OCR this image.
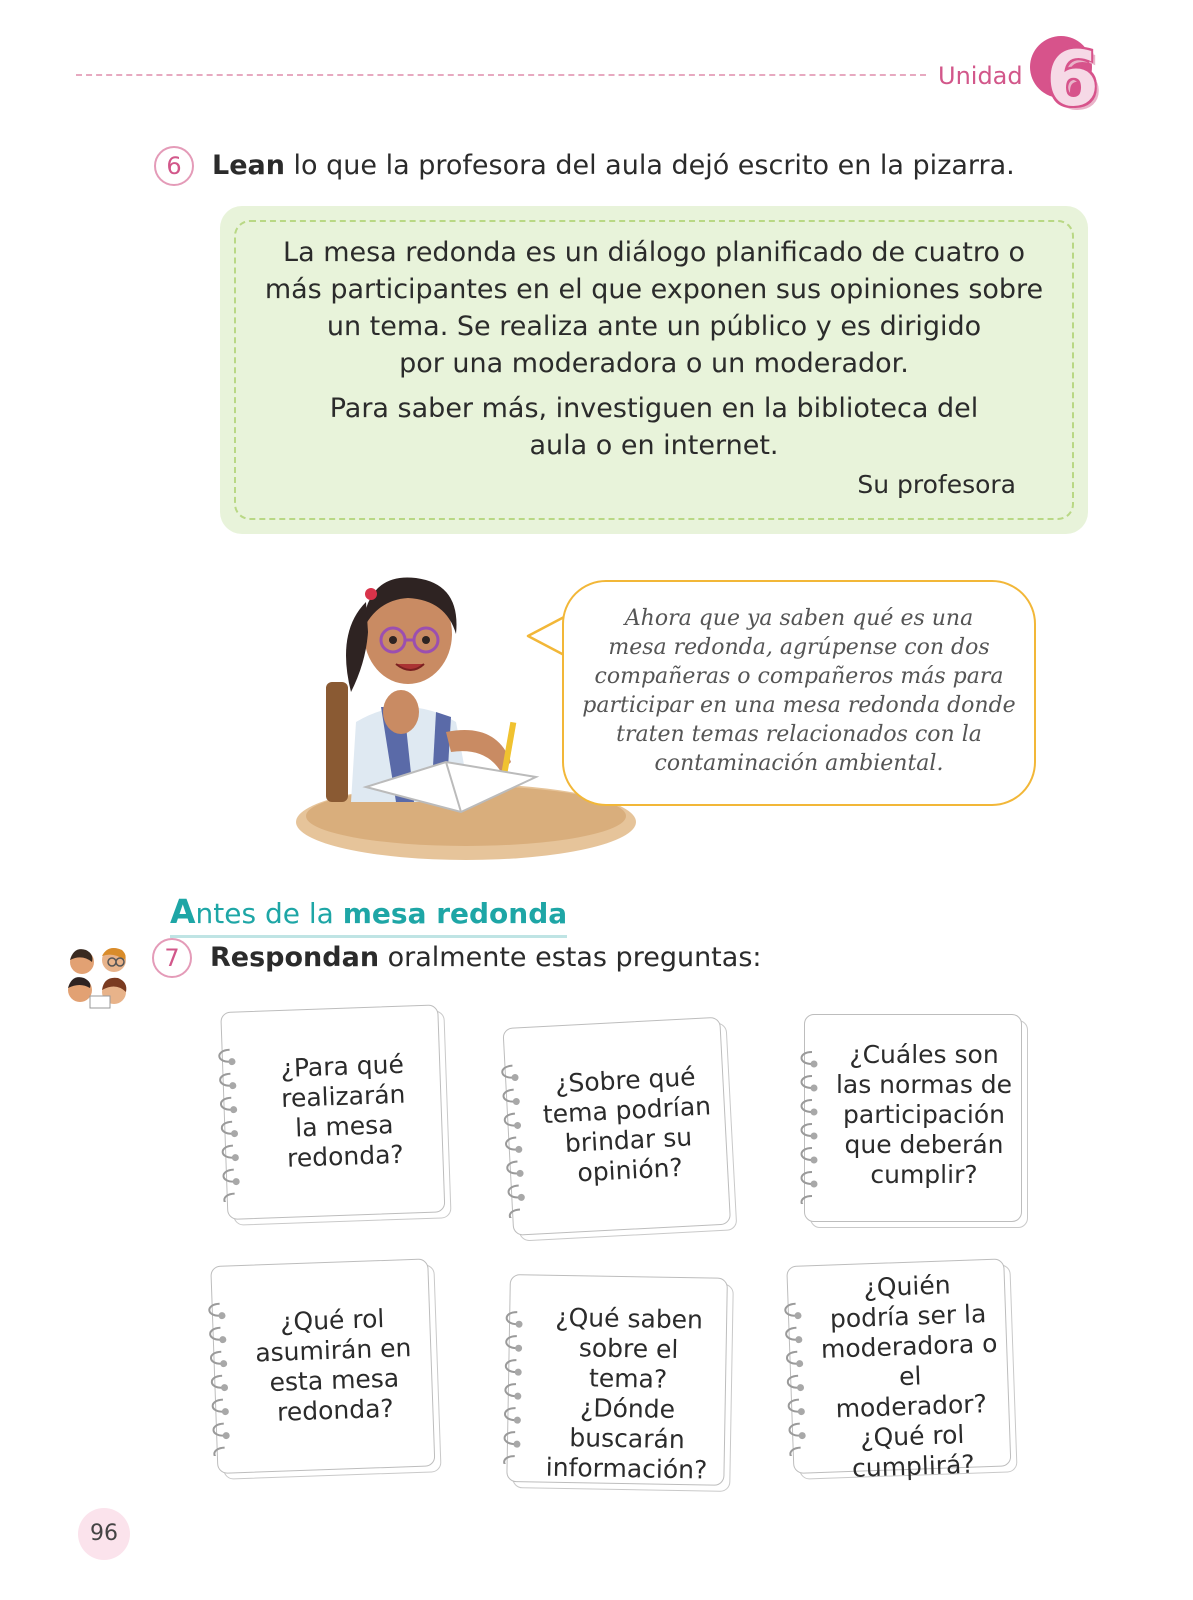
Unidad 6
6	Lean lo que la profesora del aula dejó escrito en la pizarra.
La mesa redonda es un diálogo planificado de cuatro o
más participantes en el que exponen sus opiniones sobre
un tema. Se realiza ante un público y es dirigido
por una moderadora o un moderador.
Para saber más, investiguen en la biblioteca del
aula o en internet.
Su profesora
Ahora que ya saben qué es una
mesa redonda, agrúpense con dos
compañeras o compañeros más para
participar en una mesa redonda donde
traten temas relacionados con la
contaminación ambiental.
Antes de la mesa redonda
7	Respondan oralmente estas preguntas:
¿Para qué
realizarán
la mesa
redonda?
¿Sobre qué
tema podrían
brindar su
opinión?
¿Cuáles son
las normas de
participación
que deberán
cumplir?
¿Qué rol
asumirán en
esta mesa
redonda?
¿Qué saben
sobre el tema?
¿Dónde
buscarán
información?
¿Quién
podría ser la
moderadora o
el moderador?
¿Qué rol
cumplirá?
96
